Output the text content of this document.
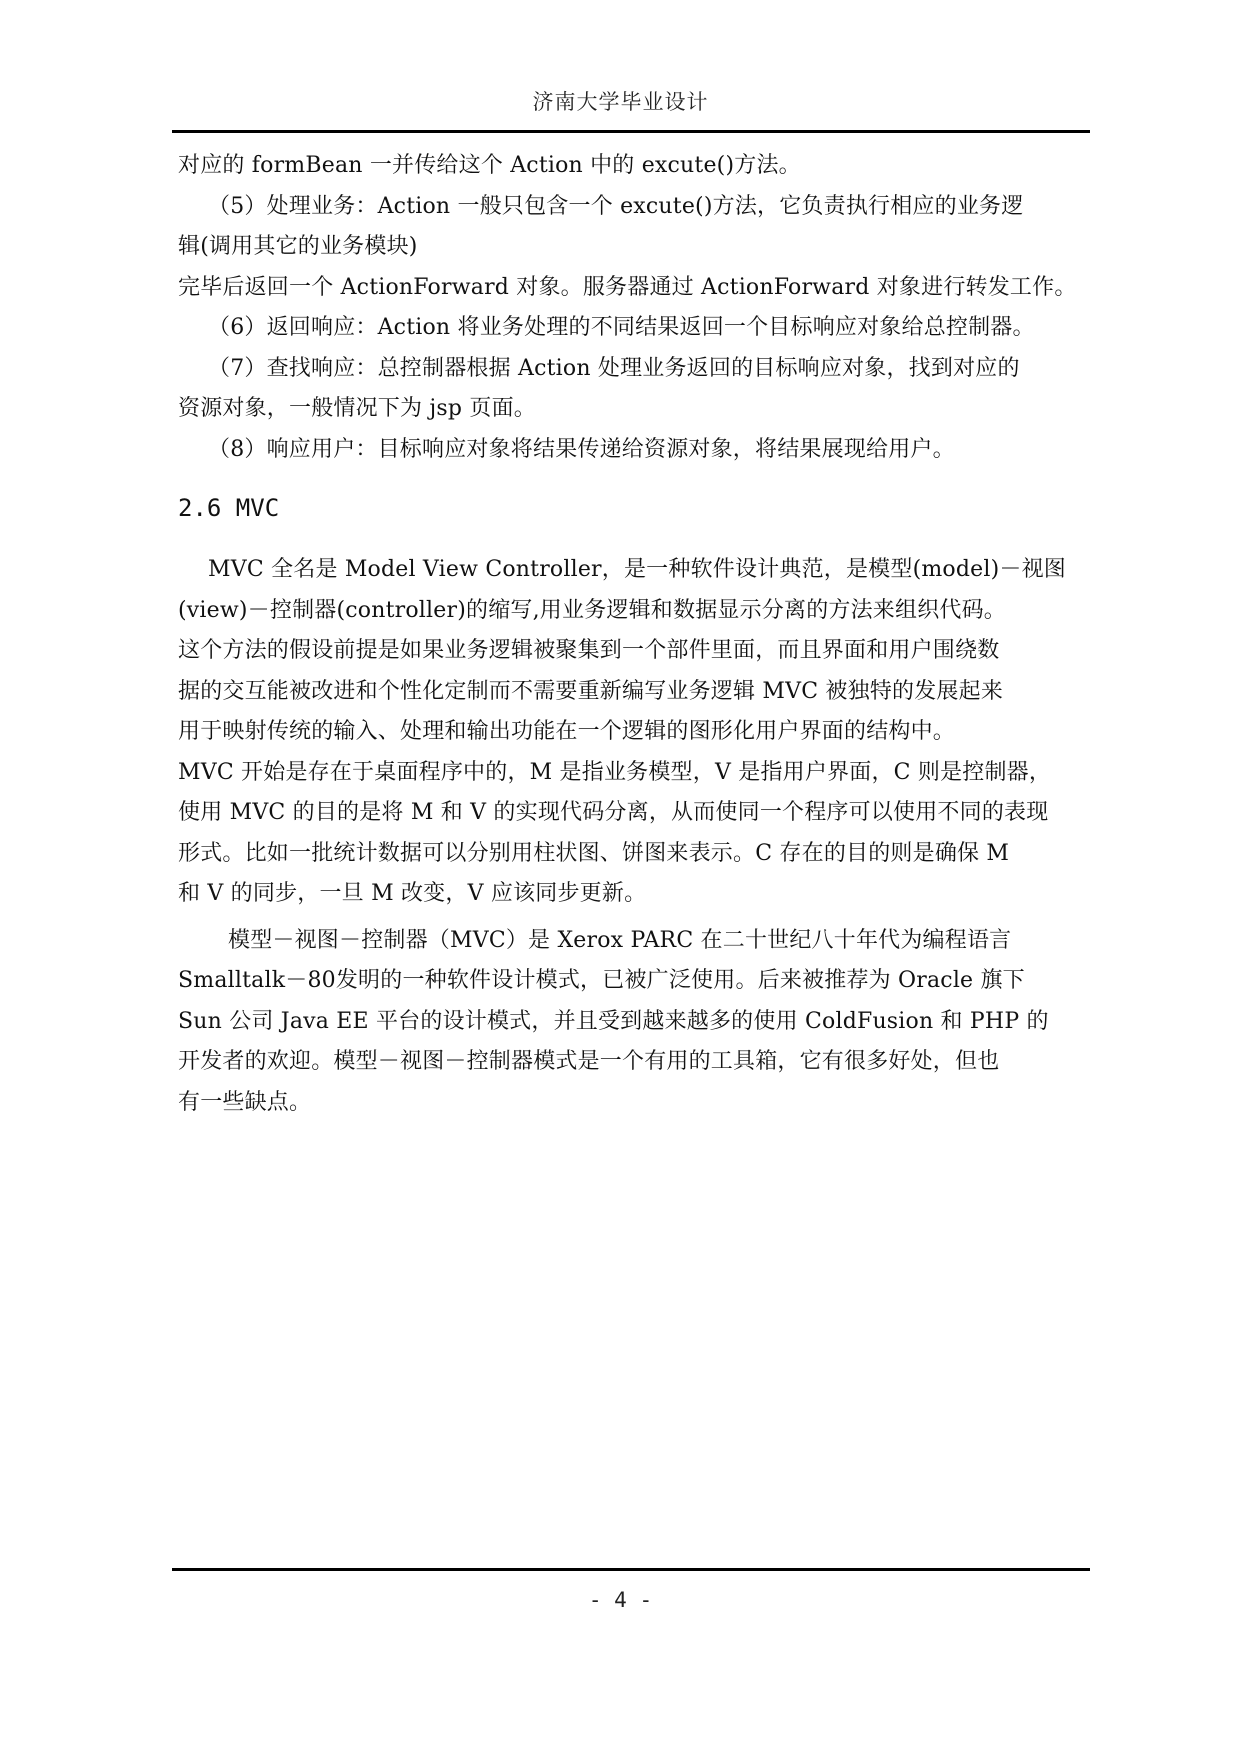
济南大学毕业设计
对应的 formBean 一并传给这个 Action 中的 excute()方法。
（5）处理业务：Action 一般只包含一个 excute()方法，它负责执行相应的业务逻
辑(调用其它的业务模块)
完毕后返回一个 ActionForward 对象。服务器通过 ActionForward 对象进行转发工作。
（6）返回响应：Action 将业务处理的不同结果返回一个目标响应对象给总控制器。
（7）查找响应：总控制器根据 Action 处理业务返回的目标响应对象，找到对应的
资源对象，一般情况下为 jsp 页面。
（8）响应用户：目标响应对象将结果传递给资源对象，将结果展现给用户。
2.6 MVC
MVC 全名是 Model View Controller，是一种软件设计典范，是模型(model)－视图
(view)－控制器(controller)的缩写,用业务逻辑和数据显示分离的方法来组织代码。
这个方法的假设前提是如果业务逻辑被聚集到一个部件里面，而且界面和用户围绕数
据的交互能被改进和个性化定制而不需要重新编写业务逻辑 MVC 被独特的发展起来
用于映射传统的输入、处理和输出功能在一个逻辑的图形化用户界面的结构中。
MVC 开始是存在于桌面程序中的，M 是指业务模型，V 是指用户界面，C 则是控制器，
使用 MVC 的目的是将 M 和 V 的实现代码分离，从而使同一个程序可以使用不同的表现
形式。比如一批统计数据可以分别用柱状图、饼图来表示。C 存在的目的则是确保 M
和 V 的同步，一旦 M 改变，V 应该同步更新。
模型－视图－控制器（MVC）是 Xerox PARC 在二十世纪八十年代为编程语言
Smalltalk－80发明的一种软件设计模式，已被广泛使用。后来被推荐为 Oracle 旗下
Sun 公司 Java EE 平台的设计模式，并且受到越来越多的使用 ColdFusion 和 PHP 的
开发者的欢迎。模型－视图－控制器模式是一个有用的工具箱，它有很多好处，但也
有一些缺点。
- 4 -
